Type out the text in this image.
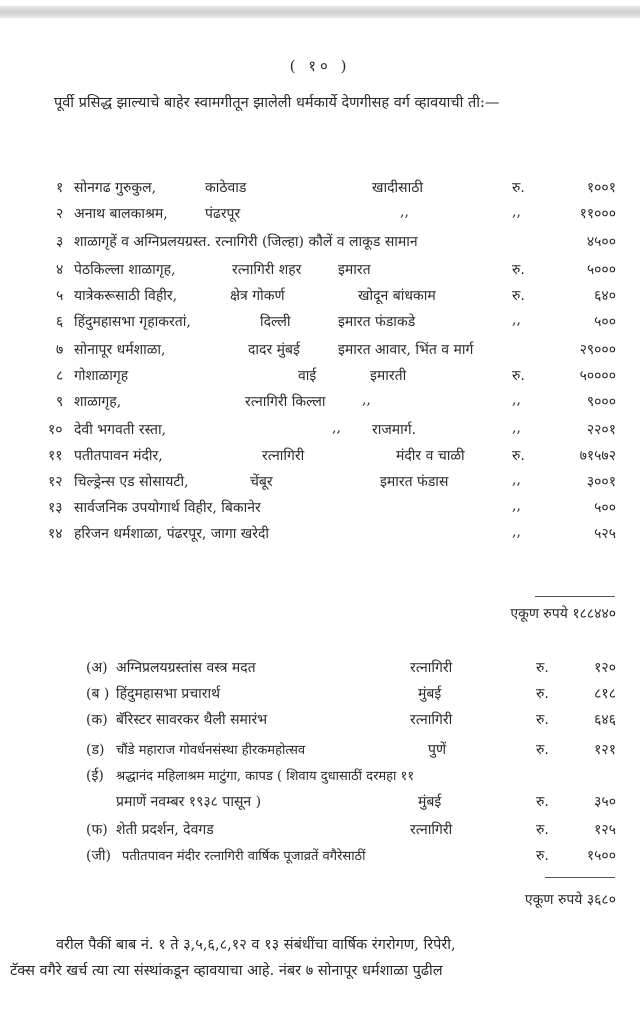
( १० )
पूर्वी प्रसिद्ध झाल्याचे बाहेर स्वामगीतून झालेली धर्मकार्ये देणगीसह वर्ग व्हावयाची ती:—
१ सोनगढ गुरुकुल,	काठेवाड	खादीसाठी	रु.	१००१
२ अनाथ बालकाश्रम,	पंढरपूर	,,	,,	११०००
३ शाळागृहें व अग्निप्रलयग्रस्त. रत्नागिरी (जिल्हा) कौलें व लाकूड सामान	४५००
४ पेठकिल्ला शाळागृह,	रत्नागिरी शहर	इमारत	रु.	५०००
५ यात्रेकरूसाठी विहीर,	क्षेत्र गोकर्ण	खोदून बांधकाम	रु.	६४०
६ हिंदुमहासभा गृहाकरतां,	दिल्ली	इमारत फंडाकडे	,,	५००
७ सोनापूर धर्मशाळा,	दादर मुंबई	इमारत आवार, भिंत व मार्ग	२९०००
८ गोशाळागृह	वाई	इमारती	रु.	५००००
९ शाळागृह,	रत्नागिरी किल्ला	,,	,,	९०००
१० देवी भगवती रस्ता,	,, राजमार्ग.	,,	२२०१
११ पतीतपावन मंदीर,	रत्नागिरी	मंदीर व चाळी	रु.	७१५७२
१२ चिल्ड्रेन्स एड सोसायटी,	चेंबूर	इमारत फंडास	,,	३००१
१३ सार्वजनिक उपयोगार्थ विहीर, बिकानेर	,,	५००
१४ हरिजन धर्मशाळा, पंढरपूर, जागा खरेदी	,,	५२५
एकूण रुपये १८८४४०
(अ) अग्निप्रलयग्रस्तांस वस्त्र मदत	रत्नागिरी	रु.	१२०
(ब ) हिंदुमहासभा प्रचारार्थ	मुंबई	रु.	८१८
(क) बॅरिस्टर सावरकर थैली समारंभ	रत्नागिरी	रु.	६४६
(ड) चौंडे महाराज गोवर्धनसंस्था हीरकमहोत्सव	पुणें	रु.	१२१
(ई) श्रद्धानंद महिलाश्रम माटुंगा, कापड ( शिवाय दुधासाठीं दरमहा ११
प्रमाणें नवम्बर १९३८ पासून )	मुंबई	रु.	३५०
(फ) शेती प्रदर्शन, देवगड	रत्नागिरी	रु.	१२५
(जी) पतीतपावन मंदीर रत्नागिरी वार्षिक पूजाव्रतें वगैरेसाठीं	रु.	१५००
एकूण रुपये ३६८०
वरील पैकीं बाब नं. १ ते ३,५,६,८,१२ व १३ संबंधींचा वार्षिक रंगरोगण, रिपेरी,
टॅक्स वगैरे खर्च त्या त्या संस्थांकडून व्हावयाचा आहे. नंबर ७ सोनापूर धर्मशाळा पुढील
